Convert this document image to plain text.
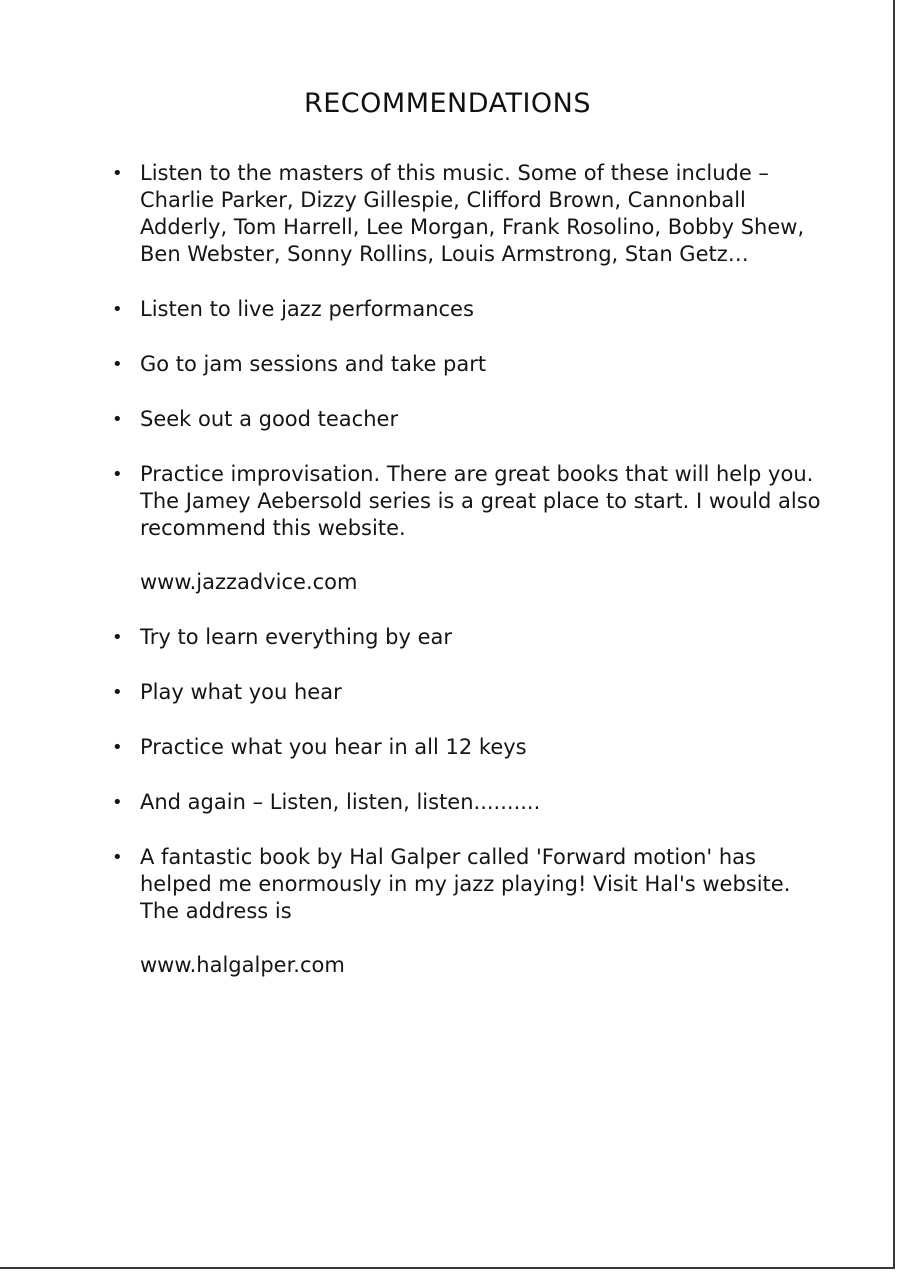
RECOMMENDATIONS
• Listen to the masters of this music. Some of these include – Charlie Parker, Dizzy Gillespie, Clifford Brown, Cannonball Adderly, Tom Harrell, Lee Morgan, Frank Rosolino, Bobby Shew, Ben Webster, Sonny Rollins, Louis Armstrong, Stan Getz…
• Listen to live jazz performances
• Go to jam sessions and take part
• Seek out a good teacher
• Practice improvisation. There are great books that will help you. The Jamey Aebersold series is a great place to start. I would also recommend this website.
www.jazzadvice.com
• Try to learn everything by ear
• Play what you hear
• Practice what you hear in all 12 keys
• And again – Listen, listen, listen..........
• A fantastic book by Hal Galper called 'Forward motion' has helped me enormously in my jazz playing! Visit Hal's website. The address is
www.halgalper.com
